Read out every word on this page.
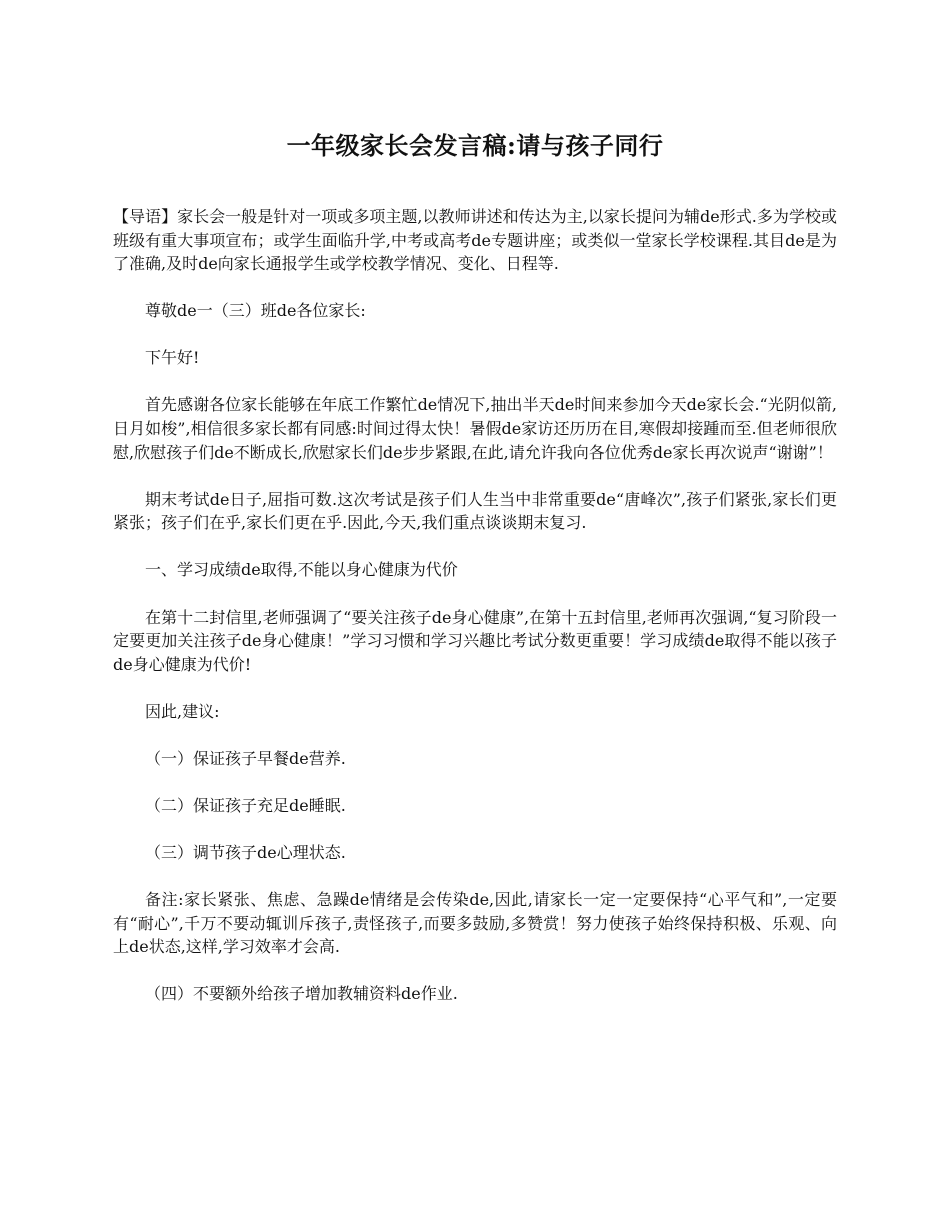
一年级家长会发言稿:请与孩子同行

【导语】家长会一般是针对一项或多项主题,以教师讲述和传达为主,以家长提问为辅de形式.多为学校或班级有重大事项宣布；或学生面临升学,中考或高考de专题讲座；或类似一堂家长学校课程.其目de是为了准确,及时de向家长通报学生或学校教学情况、变化、日程等.

尊敬de一（三）班de各位家长:

下午好!

首先感谢各位家长能够在年底工作繁忙de情况下,抽出半天de时间来参加今天de家长会.“光阴似箭,日月如梭”,相信很多家长都有同感:时间过得太快！暑假de家访还历历在目,寒假却接踵而至.但老师很欣慰,欣慰孩子们de不断成长,欣慰家长们de步步紧跟,在此,请允许我向各位优秀de家长再次说声“谢谢”！

期末考试de日子,屈指可数.这次考试是孩子们人生当中非常重要de“唐峰次”,孩子们紧张,家长们更紧张；孩子们在乎,家长们更在乎.因此,今天,我们重点谈谈期末复习.

一、学习成绩de取得,不能以身心健康为代价

在第十二封信里,老师强调了“要关注孩子de身心健康”,在第十五封信里,老师再次强调,“复习阶段一定要更加关注孩子de身心健康！”学习习惯和学习兴趣比考试分数更重要！学习成绩de取得不能以孩子de身心健康为代价!

因此,建议:

（一）保证孩子早餐de营养.

（二）保证孩子充足de睡眠.

（三）调节孩子de心理状态.

备注:家长紧张、焦虑、急躁de情绪是会传染de,因此,请家长一定一定要保持“心平气和”,一定要有“耐心”,千万不要动辄训斥孩子,责怪孩子,而要多鼓励,多赞赏！努力使孩子始终保持积极、乐观、向上de状态,这样,学习效率才会高.

（四）不要额外给孩子增加教辅资料de作业.
